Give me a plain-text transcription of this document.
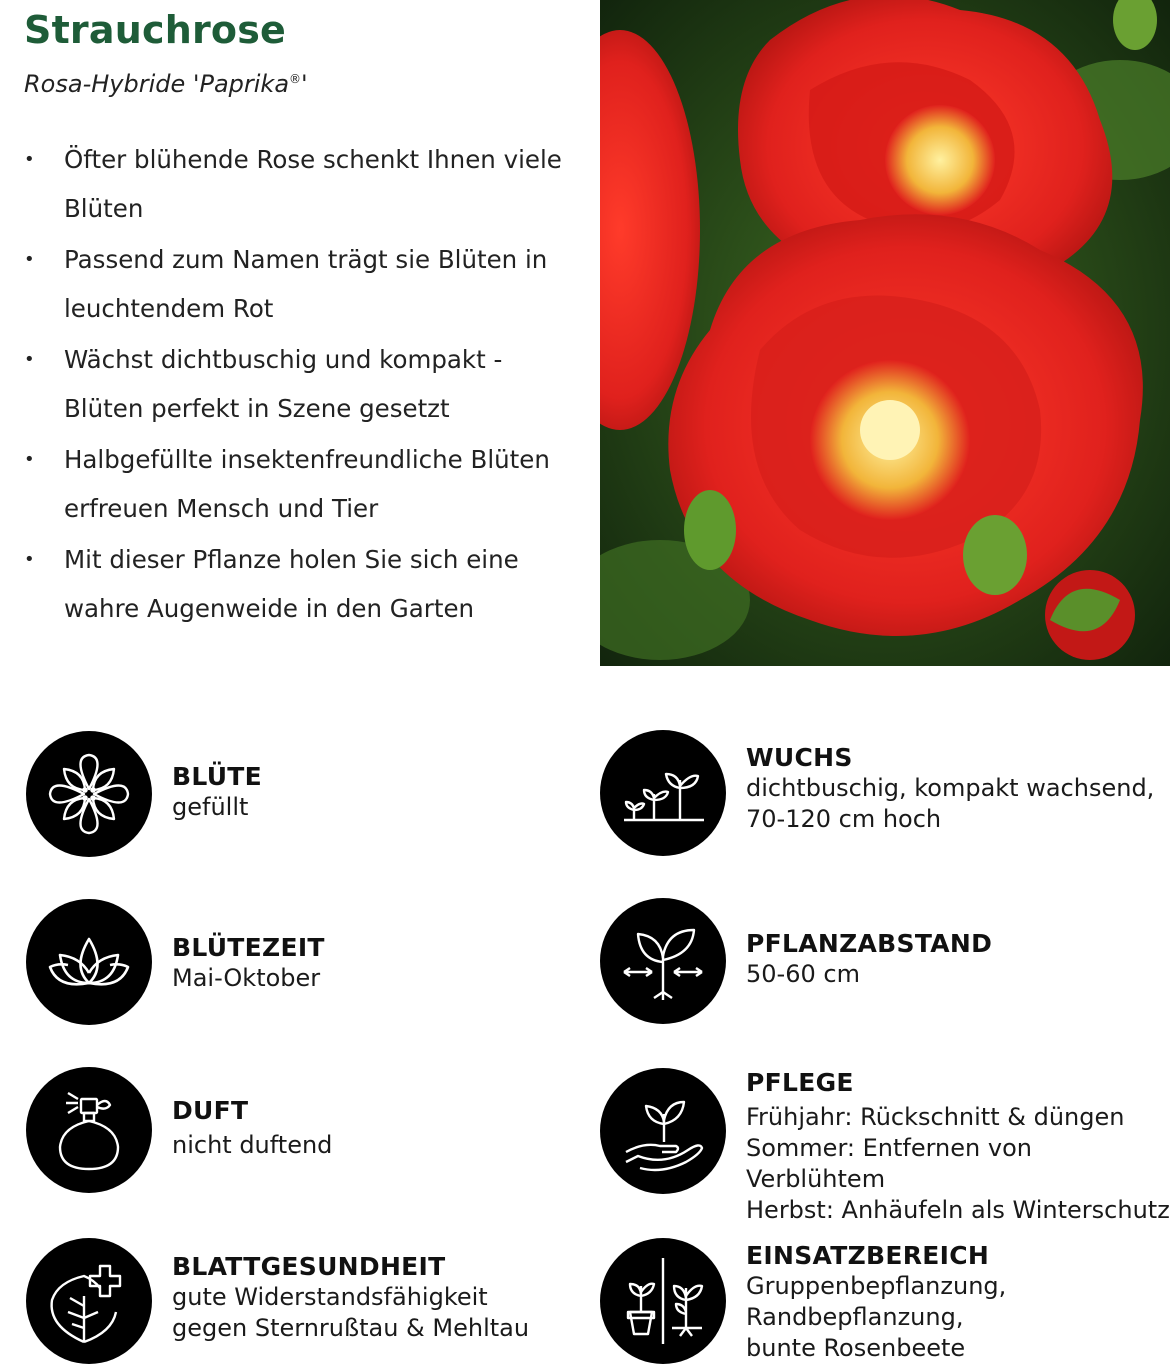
Strauchrose

Rosa-Hybride 'Paprika®'

• Öfter blühende Rose schenkt Ihnen viele Blüten
• Passend zum Namen trägt sie Blüten in leuchtendem Rot
• Wächst dichtbuschig und kompakt - Blüten perfekt in Szene gesetzt
• Halbgefüllte insektenfreundliche Blüten erfreuen Mensch und Tier
• Mit dieser Pflanze holen Sie sich eine wahre Augenweide in den Garten
BLÜTE
gefüllt
BLÜTEZEIT
Mai-Oktober
DUFT
nicht duftend
BLATTGESUNDHEIT
gute Widerstandsfähigkeit
gegen Sternrußtau & Mehltau
WUCHS
dichtbuschig, kompakt wachsend,
70-120 cm hoch
PFLANZABSTAND
50-60 cm
PFLEGE
Frühjahr: Rückschnitt & düngen
Sommer: Entfernen von Verblühtem
Herbst: Anhäufeln als Winterschutz
EINSATZBEREICH
Gruppenbepflanzung,
Randbepflanzung,
bunte Rosenbeete
